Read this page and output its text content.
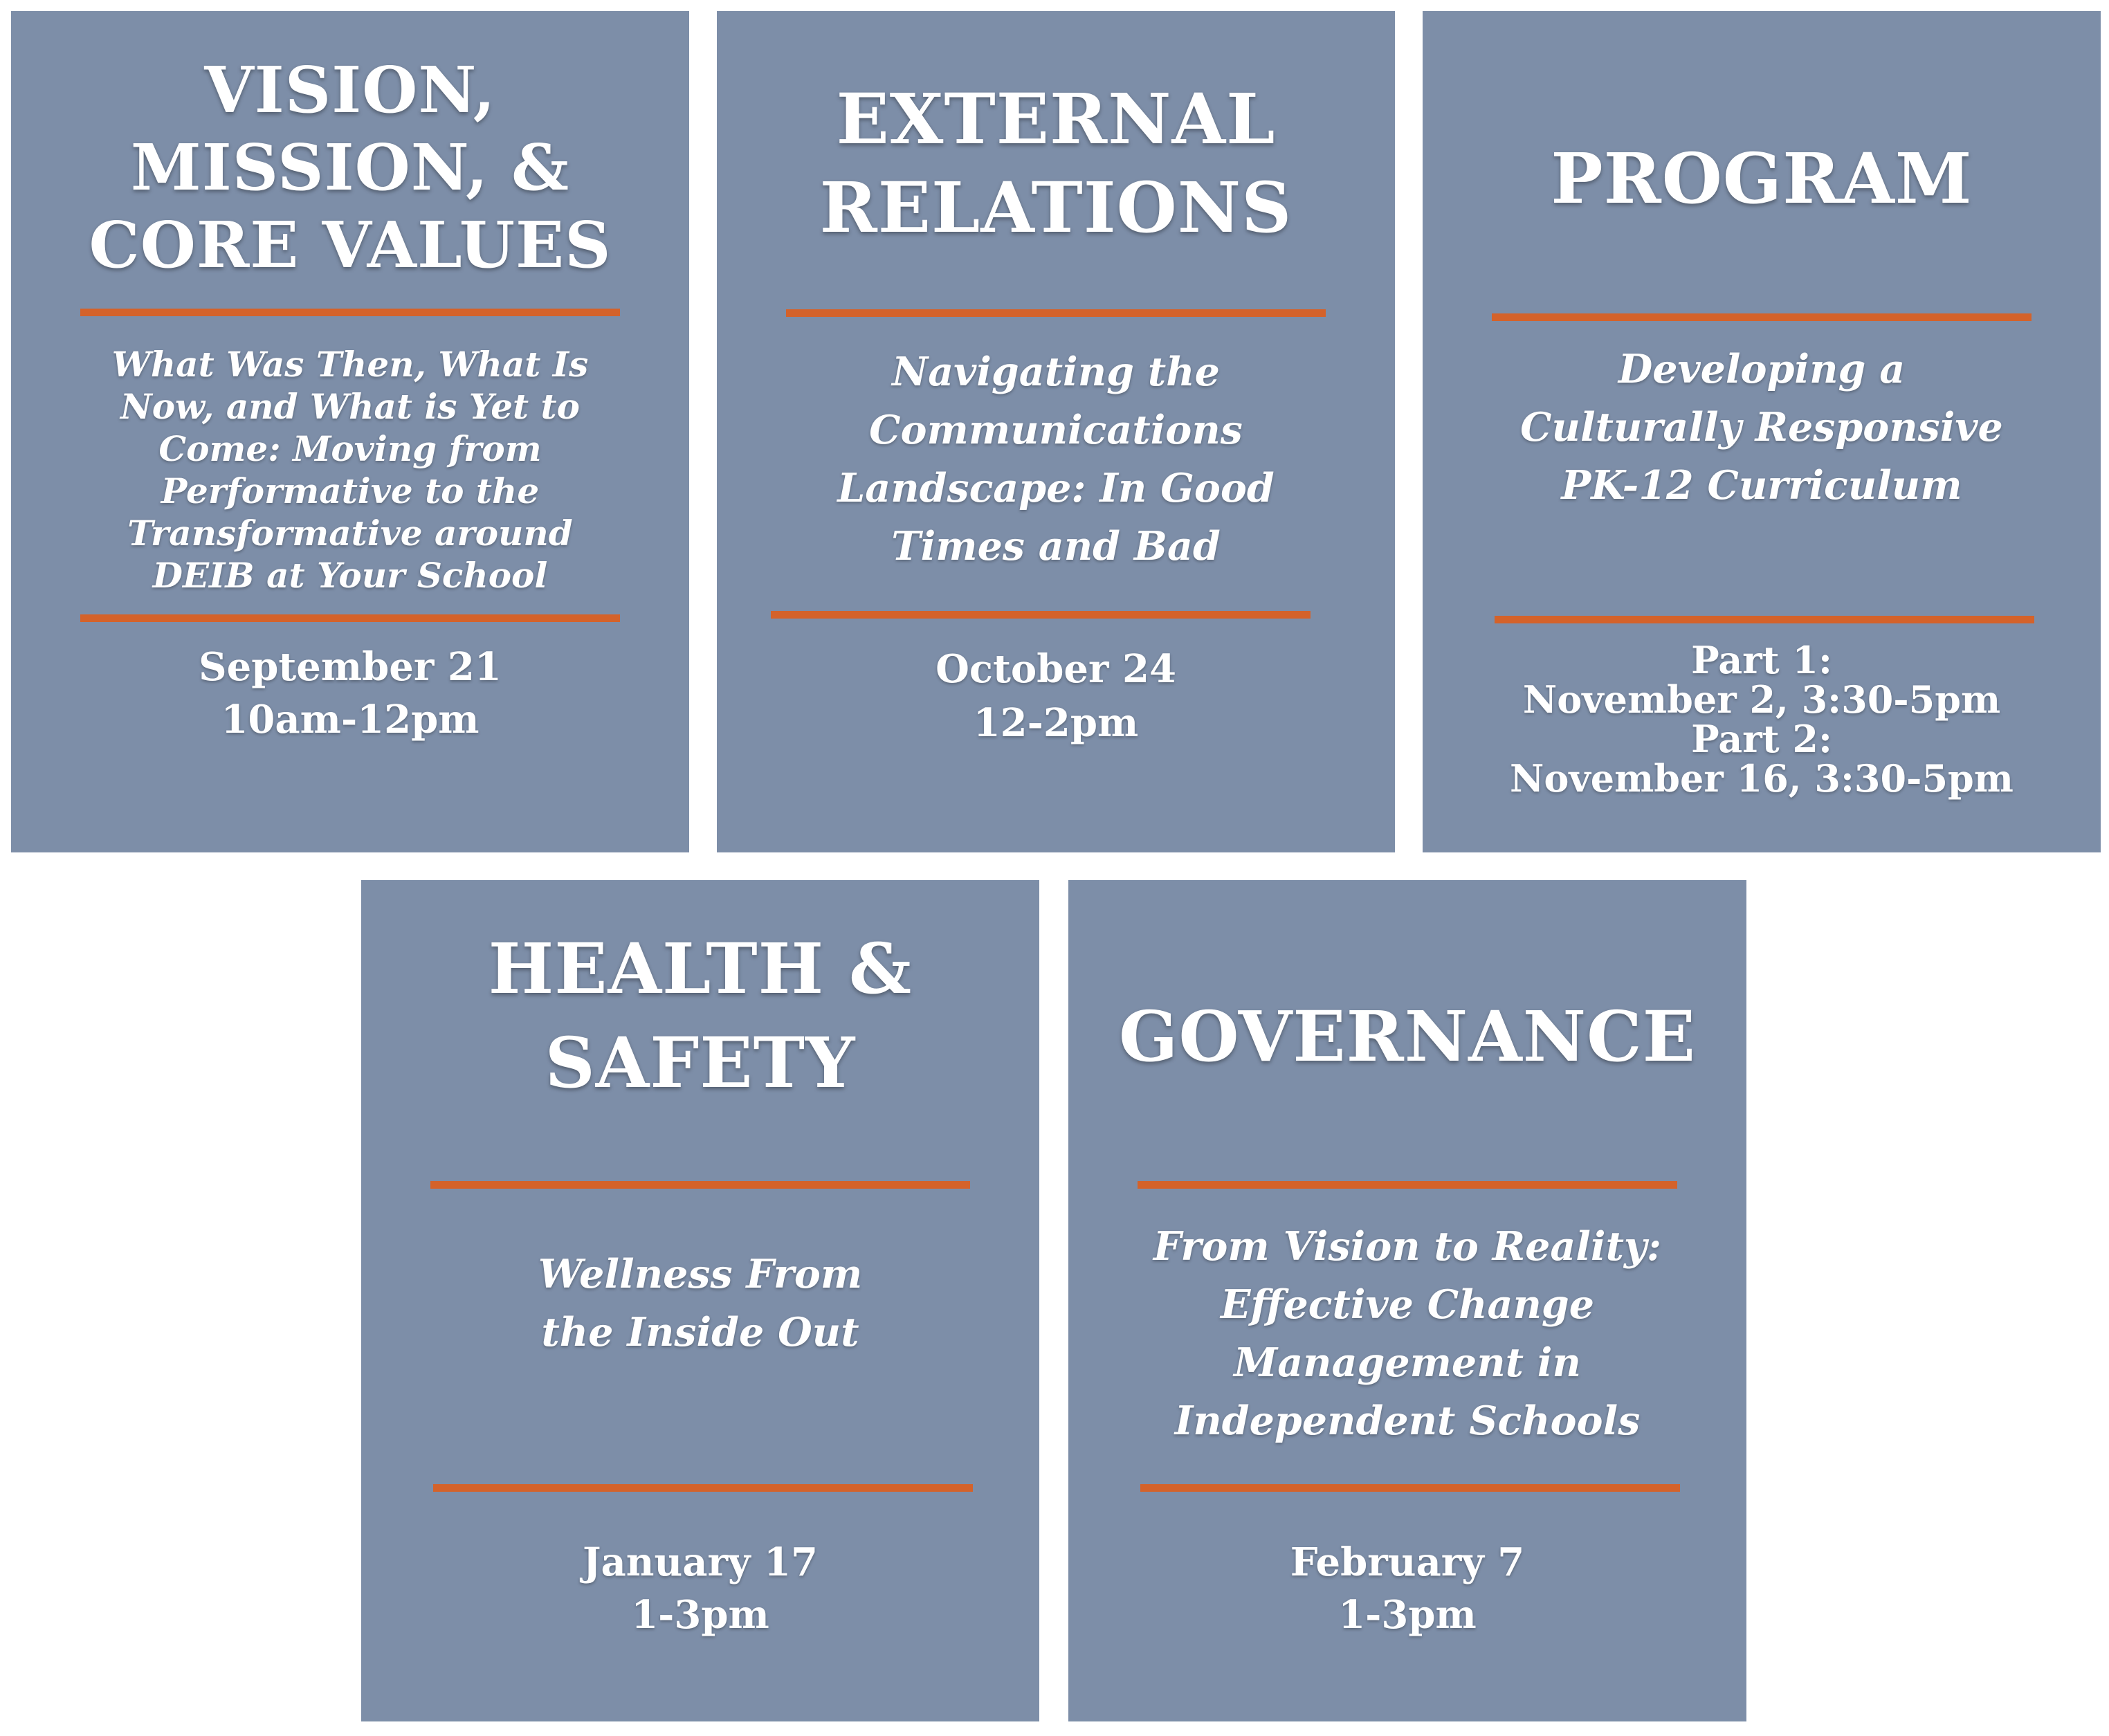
VISION,
MISSION, &
CORE VALUES
What Was Then, What Is
Now, and What is Yet to
Come: Moving from
Performative to the
Transformative around
DEIB at Your School
September 21
10am-12pm
EXTERNAL
RELATIONS
Navigating the
Communications
Landscape: In Good
Times and Bad
October 24
12-2pm
PROGRAM
Developing a
Culturally Responsive
PK-12 Curriculum
Part 1:
November 2, 3:30-5pm
Part 2:
November 16, 3:30-5pm
HEALTH &
SAFETY
Wellness From
the Inside Out
January 17
1-3pm
GOVERNANCE
From Vision to Reality:
Effective Change
Management in
Independent Schools
February 7
1-3pm
